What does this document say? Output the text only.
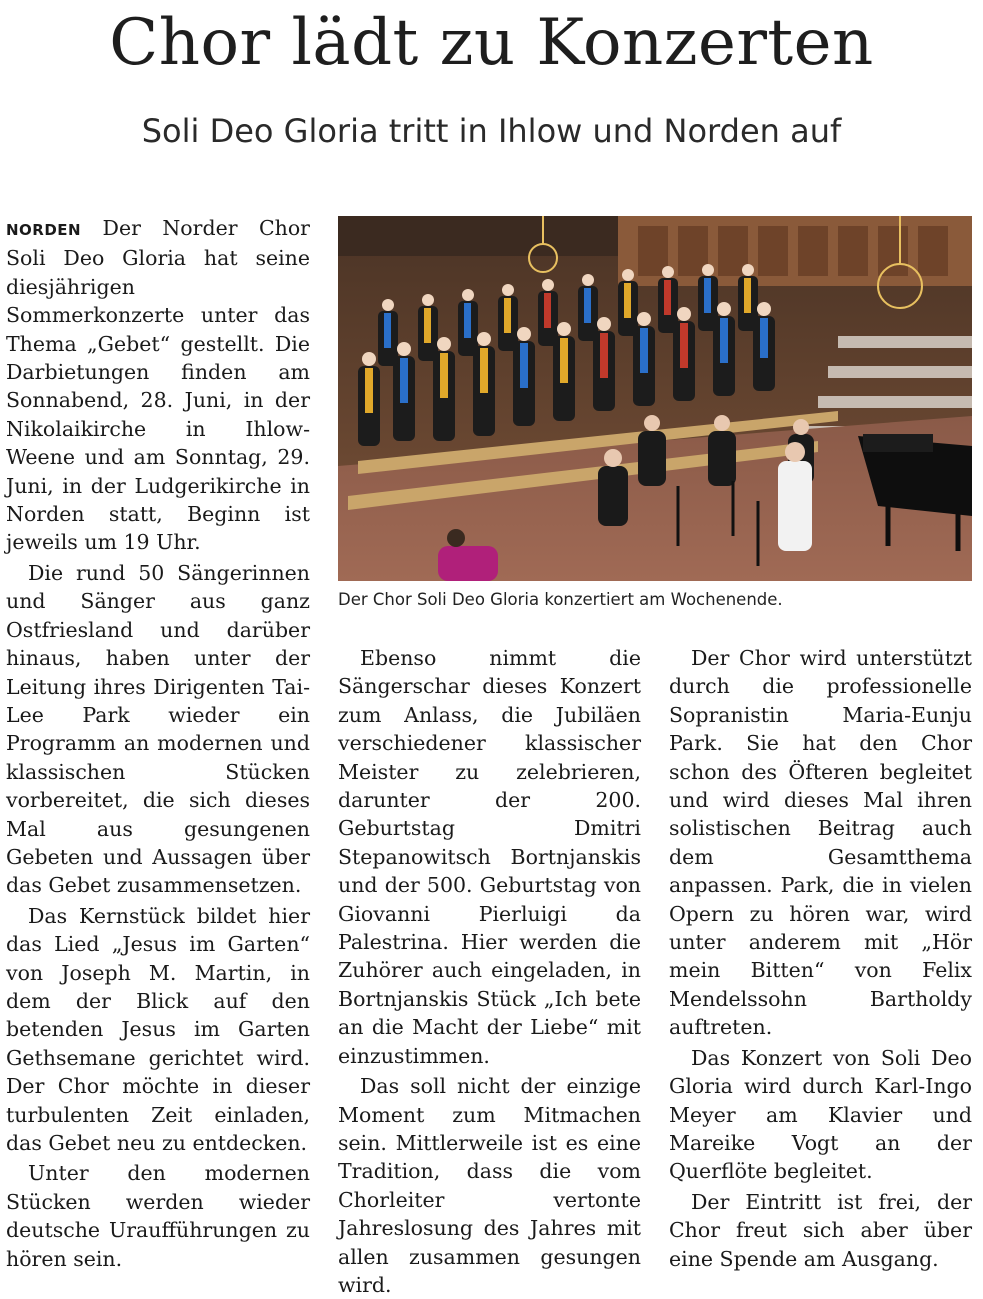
Chor lädt zu Konzerten
Soli Deo Gloria tritt in Ihlow und Norden auf

NORDEN Der Norder Chor Soli Deo Gloria hat seine diesjährigen Sommerkonzerte unter das Thema „Gebet“ gestellt. Die Darbietungen finden am Sonnabend, 28. Juni, in der Nikolaikirche in Ihlow-Weene und am Sonntag, 29. Juni, in der Ludgerikirche in Norden statt, Beginn ist jeweils um 19 Uhr.

Die rund 50 Sängerinnen und Sänger aus ganz Ostfriesland und darüber hinaus, haben unter der Leitung ihres Dirigenten Tai-Lee Park wieder ein Programm an modernen und klassischen Stücken vorbereitet, die sich dieses Mal aus gesungenen Gebeten und Aussagen über das Gebet zusammensetzen.

Das Kernstück bildet hier das Lied „Jesus im Garten“ von Joseph M. Martin, in dem der Blick auf den betenden Jesus im Garten Gethsemane gerichtet wird. Der Chor möchte in dieser turbulenten Zeit einladen, das Gebet neu zu entdecken.

Unter den modernen Stücken werden wieder deutsche Uraufführungen zu hören sein.

Der Chor Soli Deo Gloria konzertiert am Wochenende.

Ebenso nimmt die Sängerschar dieses Konzert zum Anlass, die Jubiläen verschiedener klassischer Meister zu zelebrieren, darunter der 200. Geburtstag Dmitri Stepanowitsch Bortnjanskis und der 500. Geburtstag von Giovanni Pierluigi da Palestrina. Hier werden die Zuhörer auch eingeladen, in Bortnjanskis Stück „Ich bete an die Macht der Liebe“ mit einzustimmen.

Das soll nicht der einzige Moment zum Mitmachen sein. Mittlerweile ist es eine Tradition, dass die vom Chorleiter vertonte Jahreslosung des Jahres mit allen zusammen gesungen wird.

Der Chor wird unterstützt durch die professionelle Sopranistin Maria-Eunju Park. Sie hat den Chor schon des Öfteren begleitet und wird dieses Mal ihren solistischen Beitrag auch dem Gesamtthema anpassen. Park, die in vielen Opern zu hören war, wird unter anderem mit „Hör mein Bitten“ von Felix Mendelssohn Bartholdy auftreten.

Das Konzert von Soli Deo Gloria wird durch Karl-Ingo Meyer am Klavier und Mareike Vogt an der Querflöte begleitet.

Der Eintritt ist frei, der Chor freut sich aber über eine Spende am Ausgang.
